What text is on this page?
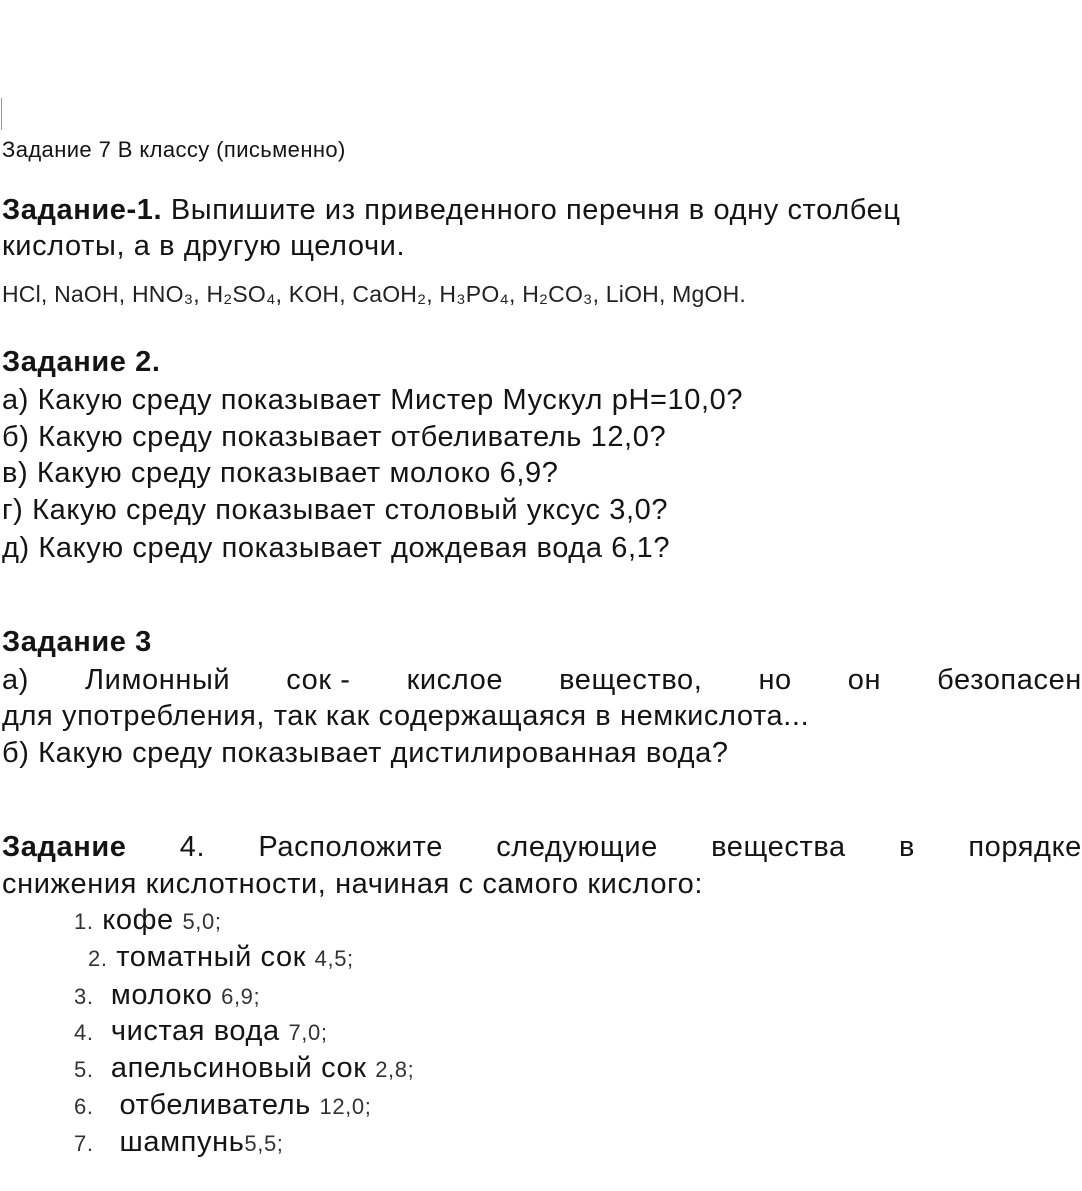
Задание 7 В классу (письменно)
Задание-1. Выпишите из приведенного перечня в одну столбец
кислоты, а в другую щелочи.
HCl, NaOH, HNO₃, H₂SO₄, KOH, CaOH₂, H₃PO₄, H₂CO₃, LiOH, MgOH.
Задание 2.
а) Какую среду показывает Мистер Мускул pH=10,0?
б) Какую среду показывает отбеливатель 12,0?
в) Какую среду показывает молоко 6,9?
г) Какую среду показывает столовый уксус 3,0?
д) Какую среду показывает дождевая вода 6,1?
Задание 3
а) Лимонный сок - кислое вещество, но он безопасен
для употребления, так как содержащаяся в немкислота...
б) Какую среду показывает дистилированная вода?
Задание 4. Расположите следующие вещества в порядке
снижения кислотности, начиная с самого кислого:
1. кофе 5,0;
2. томатный сок 4,5;
3. молоко 6,9;
4. чистая вода 7,0;
5. апельсиновый сок 2,8;
6. отбеливатель 12,0;
7. шампунь5,5;
